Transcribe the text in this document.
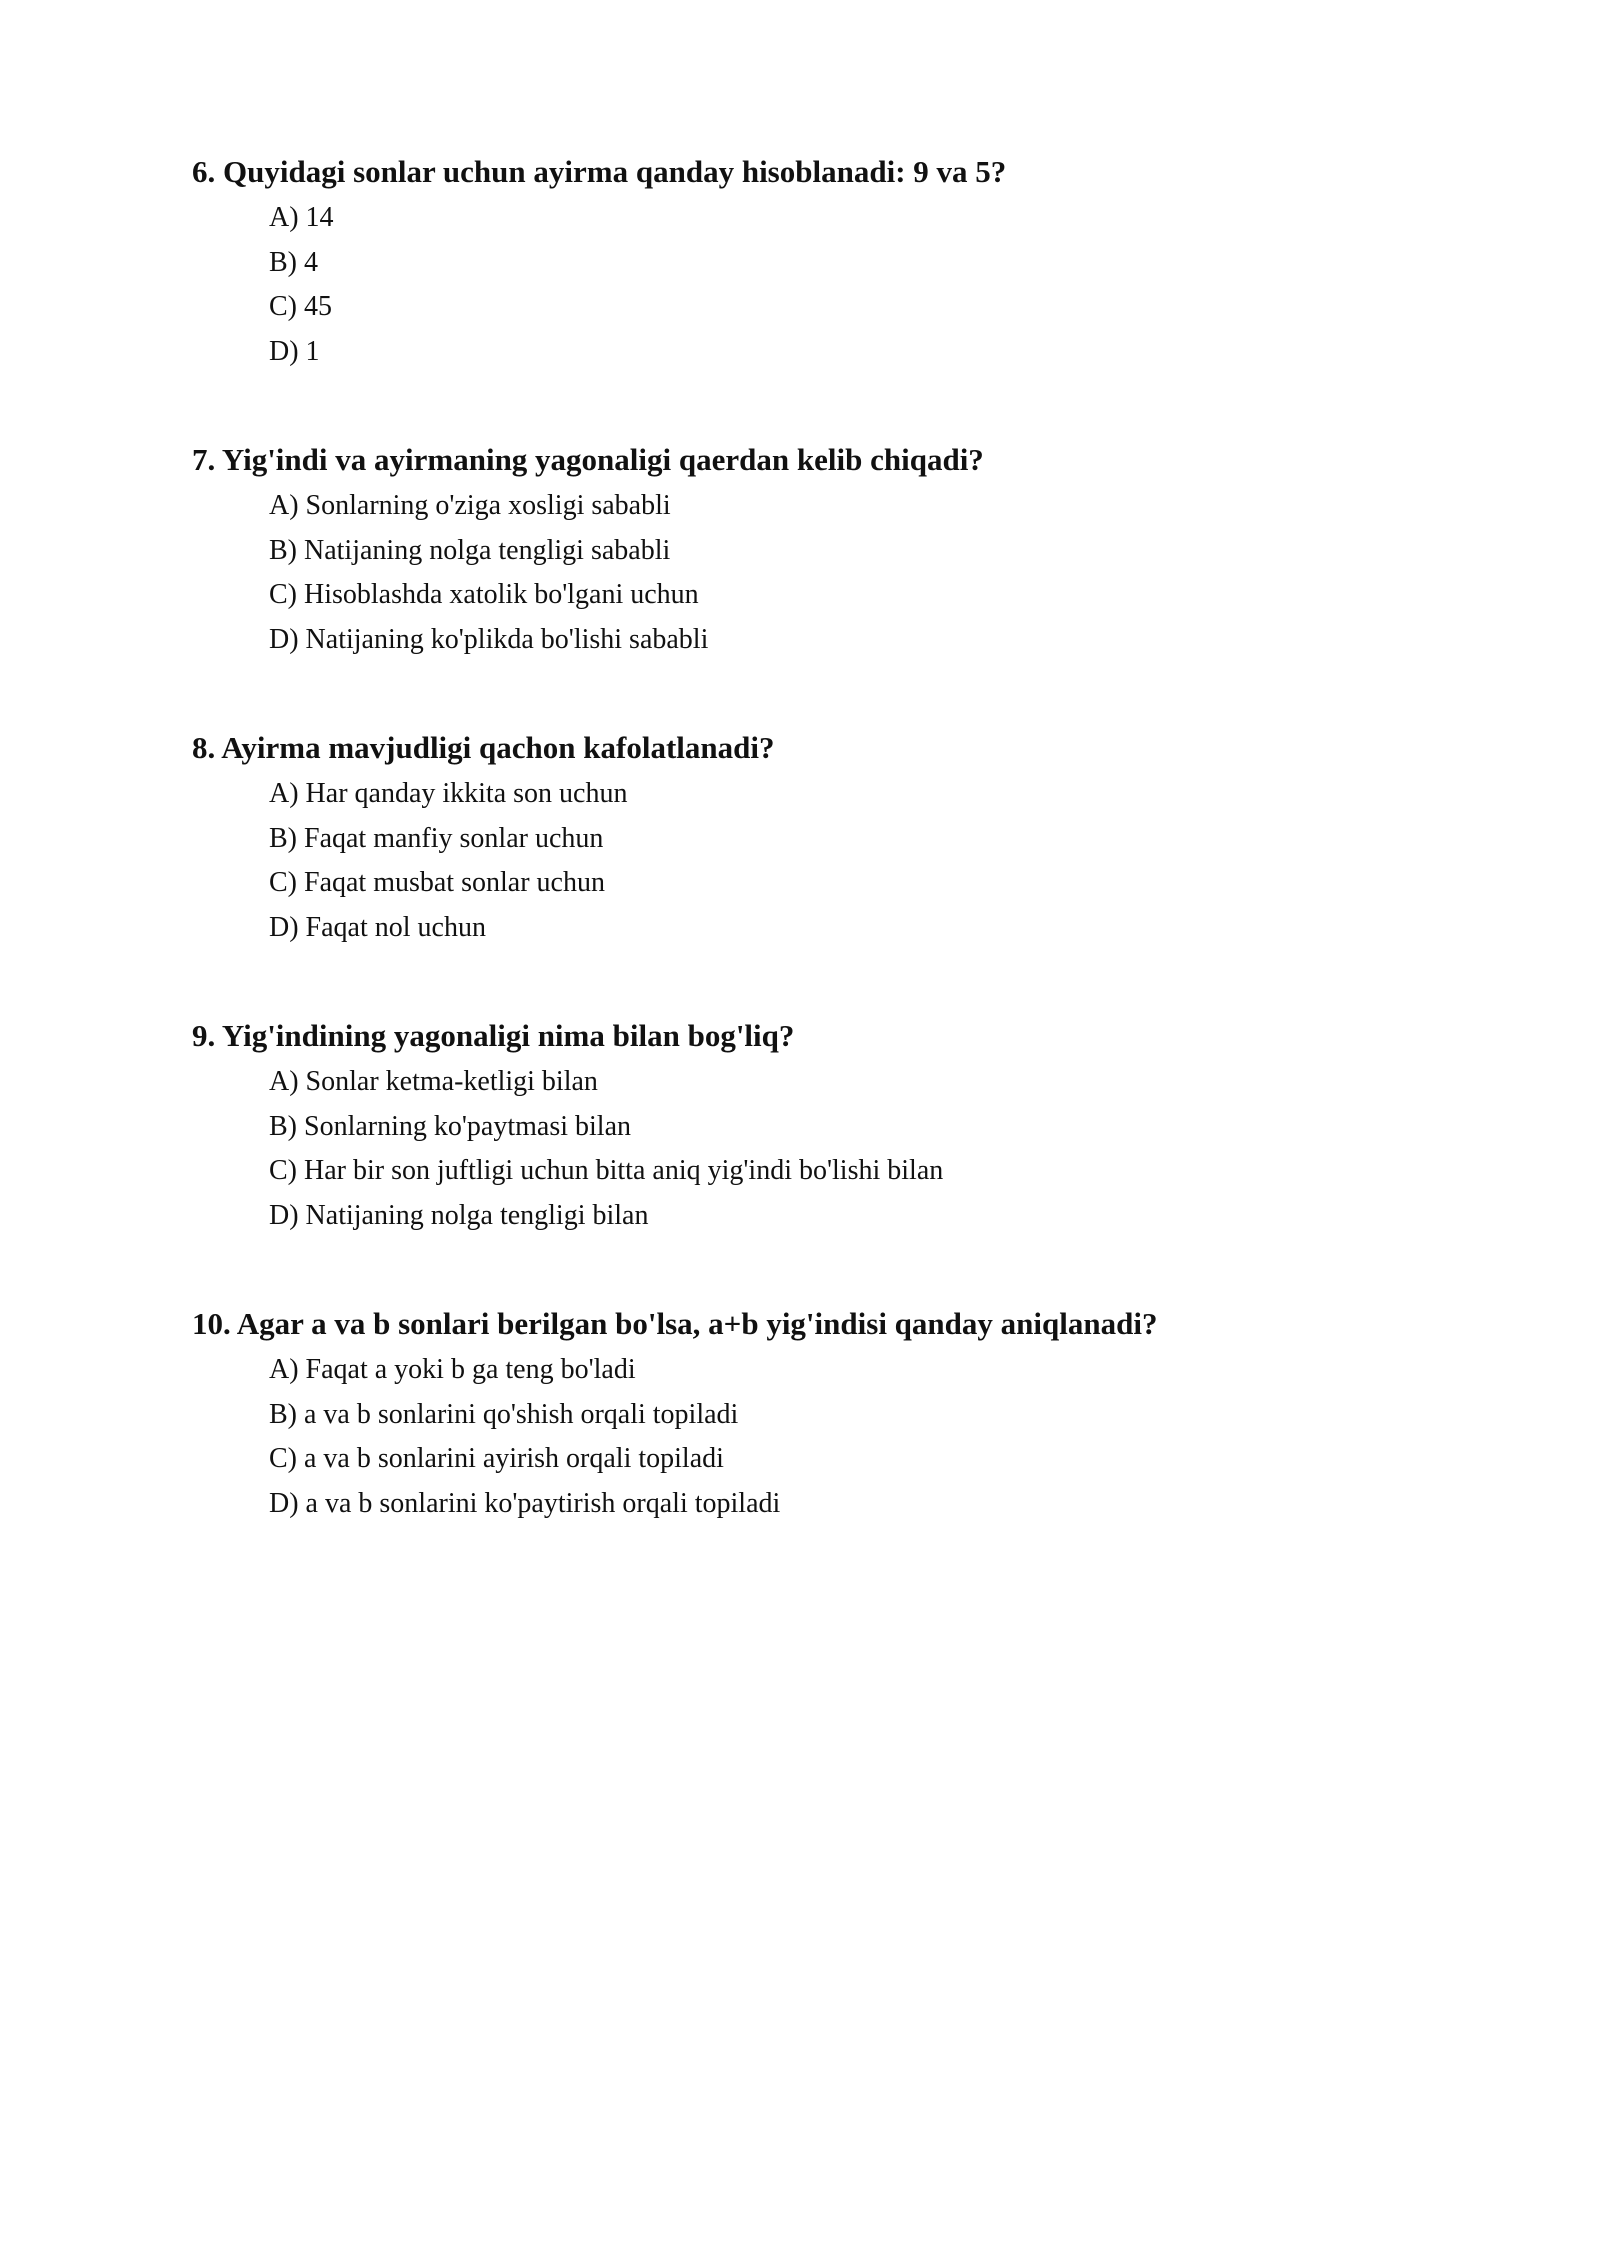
6. Quyidagi sonlar uchun ayirma qanday hisoblanadi: 9 va 5?
A) 14
B) 4
C) 45
D) 1
7. Yig'indi va ayirmaning yagonaligi qaerdan kelib chiqadi?
A) Sonlarning o'ziga xosligi sababli
B) Natijaning nolga tengligi sababli
C) Hisoblashda xatolik bo'lgani uchun
D) Natijaning ko'plikda bo'lishi sababli
8. Ayirma mavjudligi qachon kafolatlanadi?
A) Har qanday ikkita son uchun
B) Faqat manfiy sonlar uchun
C) Faqat musbat sonlar uchun
D) Faqat nol uchun
9. Yig'indining yagonaligi nima bilan bog'liq?
A) Sonlar ketma-ketligi bilan
B) Sonlarning ko'paytmasi bilan
C) Har bir son juftligi uchun bitta aniq yig'indi bo'lishi bilan
D) Natijaning nolga tengligi bilan
10. Agar a va b sonlari berilgan bo'lsa, a+b yig'indisi qanday aniqlanadi?
A) Faqat a yoki b ga teng bo'ladi
B) a va b sonlarini qo'shish orqali topiladi
C) a va b sonlarini ayirish orqali topiladi
D) a va b sonlarini ko'paytirish orqali topiladi
